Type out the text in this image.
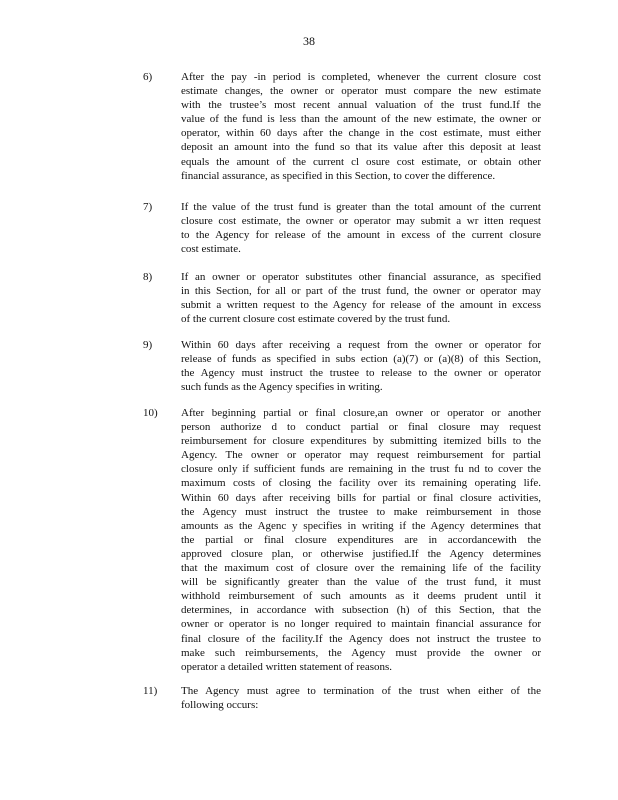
38
6)	After the pay -in period is completed, whenever the current closure cost
estimate changes, the owner or operator must compare the new estimate
with the trustee’s most recent annual valuation of the trust fund.If the
value of the fund is less than the amount of the new estimate, the owner or
operator, within 60 days after the change in the cost estimate, must either
deposit an amount into the fund so that its value after this deposit at least
equals the amount of the current cl osure cost estimate, or obtain other
financial assurance, as specified in this Section, to cover the difference.
7)	If the value of the trust fund is greater than the total amount of the current
closure cost estimate, the owner or operator may submit a wr itten request
to the Agency for release of the amount in excess of the current closure
cost estimate.
8)	If an owner or operator substitutes other financial assurance, as specified
in this Section, for all or part of the trust fund, the owner or operator may
submit a written request to the Agency for release of the amount in excess
of the current closure cost estimate covered by the trust fund.
9)	Within 60 days after receiving a request from the owner or operator for
release of funds as specified in subs ection (a)(7) or (a)(8) of this Section,
the Agency must instruct the trustee to release to the owner or operator
such funds as the Agency specifies in writing.
10) After beginning partial or final closure,an owner or operator or another
person authorize d to conduct partial or final closure may request
reimbursement for closure expenditures by submitting itemized bills to the
Agency. The owner or operator may request reimbursement for partial
closure only if sufficient funds are remaining in the trust fu nd to cover the
maximum costs of closing the facility over its remaining operating life.
Within 60 days after receiving bills for partial or final closure activities,
the Agency must instruct the trustee to make reimbursement in those
amounts as the Agenc y specifies in writing if the Agency determines that
the partial or final closure expenditures are in accordancewith the
approved closure plan, or otherwise justified.If the Agency determines
that the maximum cost of closure over the remaining life of the facility
will be significantly greater than the value of the trust fund, it must
withhold reimbursement of such amounts as it deems prudent until it
determines, in accordance with subsection (h) of this Section, that the
owner or operator is no longer required to maintain financial assurance for
final closure of the facility.If the Agency does not instruct the trustee to
make such reimbursements, the Agency must provide the owner or
operator a detailed written statement of reasons.
11) The Agency must agree to termination of the trust when either of the
following occurs:
